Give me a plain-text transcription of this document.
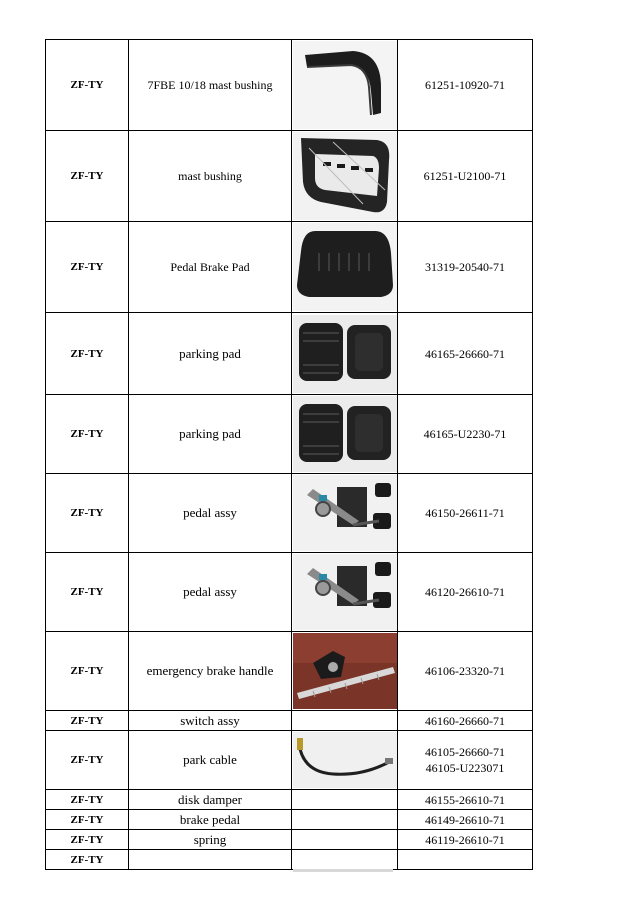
ZF-TY	7FBE 10/18 mast bushing		61251-10920-71

ZF-TY	mast bushing		61251-U2100-71

ZF-TY	Pedal Brake Pad		31319-20540-71

ZF-TY	parking pad		46165-26660-71

ZF-TY	parking pad		46165-U2230-71

ZF-TY	pedal assy		46150-26611-71

ZF-TY	pedal assy		46120-26610-71

ZF-TY	emergency brake handle		46106-23320-71

ZF-TY	switch assy		46160-26660-71

ZF-TY	park cable		46105-26660-71
46105-U223071

ZF-TY	disk damper		46155-26610-71

ZF-TY	brake pedal		46149-26610-71

ZF-TY	spring		46119-26610-71

ZF-TY			
